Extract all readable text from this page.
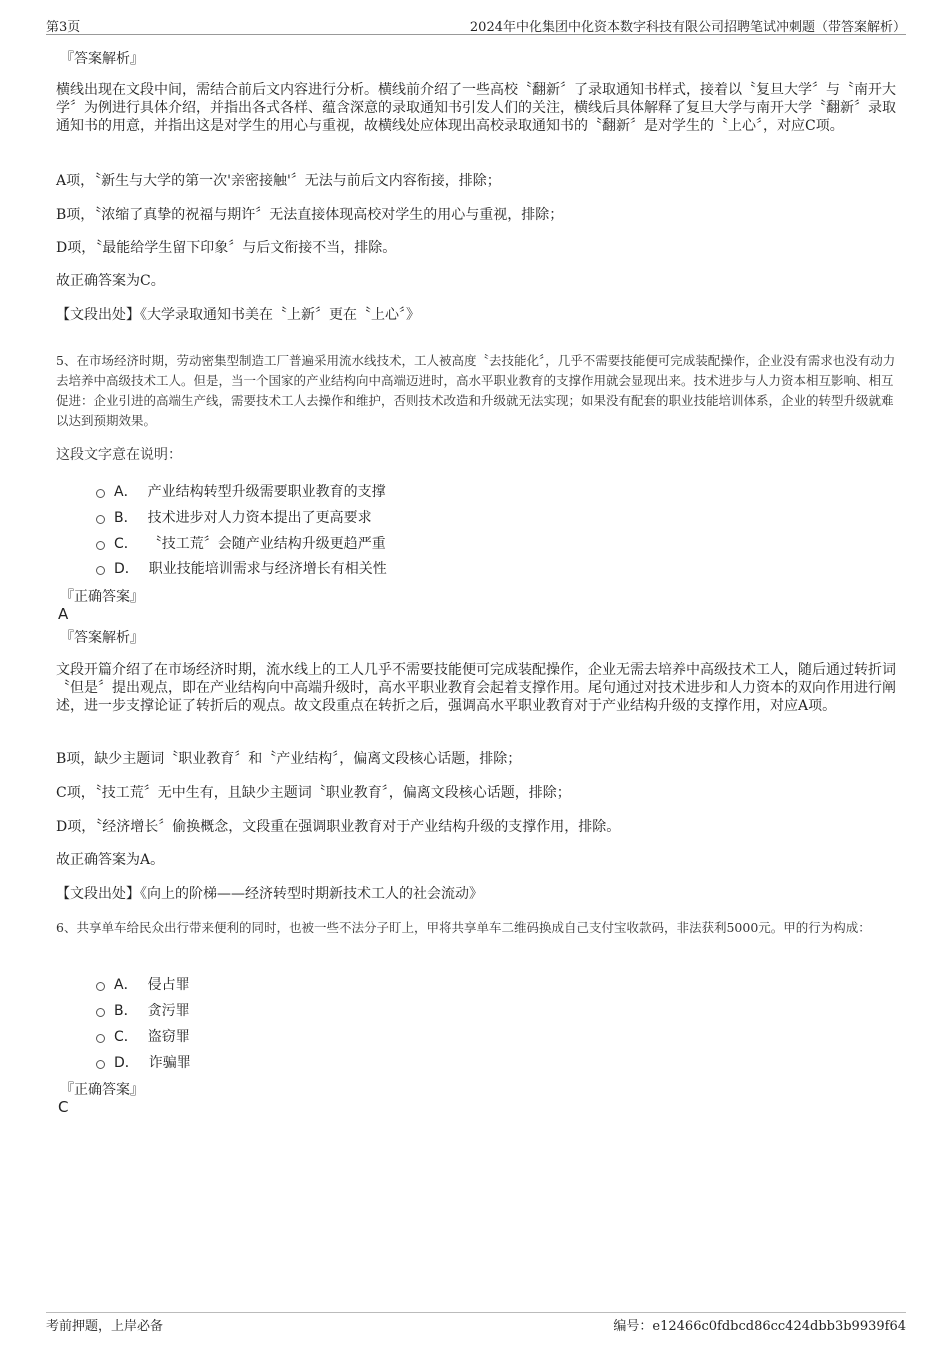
第3页	2024年中化集团中化资本数字科技有限公司招聘笔试冲刺题（带答案解析）
『答案解析』
横线出现在文段中间，需结合前后文内容进行分析。横线前介绍了一些高校〝翻新〞了录取通知书样式，接着以〝复旦大学〞与〝南开大学〞为例进行具体介绍，并指出各式各样、蕴含深意的录取通知书引发人们的关注，横线后具体解释了复旦大学与南开大学〝翻新〞录取通知书的用意，并指出这是对学生的用心与重视，故横线处应体现出高校录取通知书的〝翻新〞是对学生的〝上心〞，对应C项。
A项，〝新生与大学的第一次'亲密接触'〞无法与前后文内容衔接，排除；
B项，〝浓缩了真挚的祝福与期许〞无法直接体现高校对学生的用心与重视，排除；
D项，〝最能给学生留下印象〞与后文衔接不当，排除。
故正确答案为C。
【文段出处】《大学录取通知书美在〝上新〞更在〝上心〞》
5、在市场经济时期，劳动密集型制造工厂普遍采用流水线技术，工人被高度〝去技能化〞，几乎不需要技能便可完成装配操作，企业没有需求也没有动力去培养中高级技术工人。但是，当一个国家的产业结构向中高端迈进时，高水平职业教育的支撑作用就会显现出来。技术进步与人力资本相互影响、相互促进：企业引进的高端生产线，需要技术工人去操作和维护，否则技术改造和升级就无法实现；如果没有配套的职业技能培训体系，企业的转型升级就难以达到预期效果。
这段文字意在说明：
A． 产业结构转型升级需要职业教育的支撑
B． 技术进步对人力资本提出了更高要求
C． 〝技工荒〞会随产业结构升级更趋严重
D． 职业技能培训需求与经济增长有相关性
『正确答案』
A
『答案解析』
文段开篇介绍了在市场经济时期，流水线上的工人几乎不需要技能便可完成装配操作，企业无需去培养中高级技术工人，随后通过转折词〝但是〞提出观点，即在产业结构向中高端升级时，高水平职业教育会起着支撑作用。尾句通过对技术进步和人力资本的双向作用进行阐述，进一步支撑论证了转折后的观点。故文段重点在转折之后，强调高水平职业教育对于产业结构升级的支撑作用，对应A项。
B项，缺少主题词〝职业教育〞和〝产业结构〞，偏离文段核心话题，排除；
C项，〝技工荒〞无中生有，且缺少主题词〝职业教育〞，偏离文段核心话题，排除；
D项，〝经济增长〞偷换概念，文段重在强调职业教育对于产业结构升级的支撑作用，排除。
故正确答案为A。
【文段出处】《向上的阶梯——经济转型时期新技术工人的社会流动》
6、共享单车给民众出行带来便利的同时，也被一些不法分子盯上，甲将共享单车二维码换成自己支付宝收款码，非法获利5000元。甲的行为构成：
A． 侵占罪
B． 贪污罪
C． 盗窃罪
D． 诈骗罪
『正确答案』
C
考前押题，上岸必备	编号：e12466c0fdbcd86cc424dbb3b9939f64
